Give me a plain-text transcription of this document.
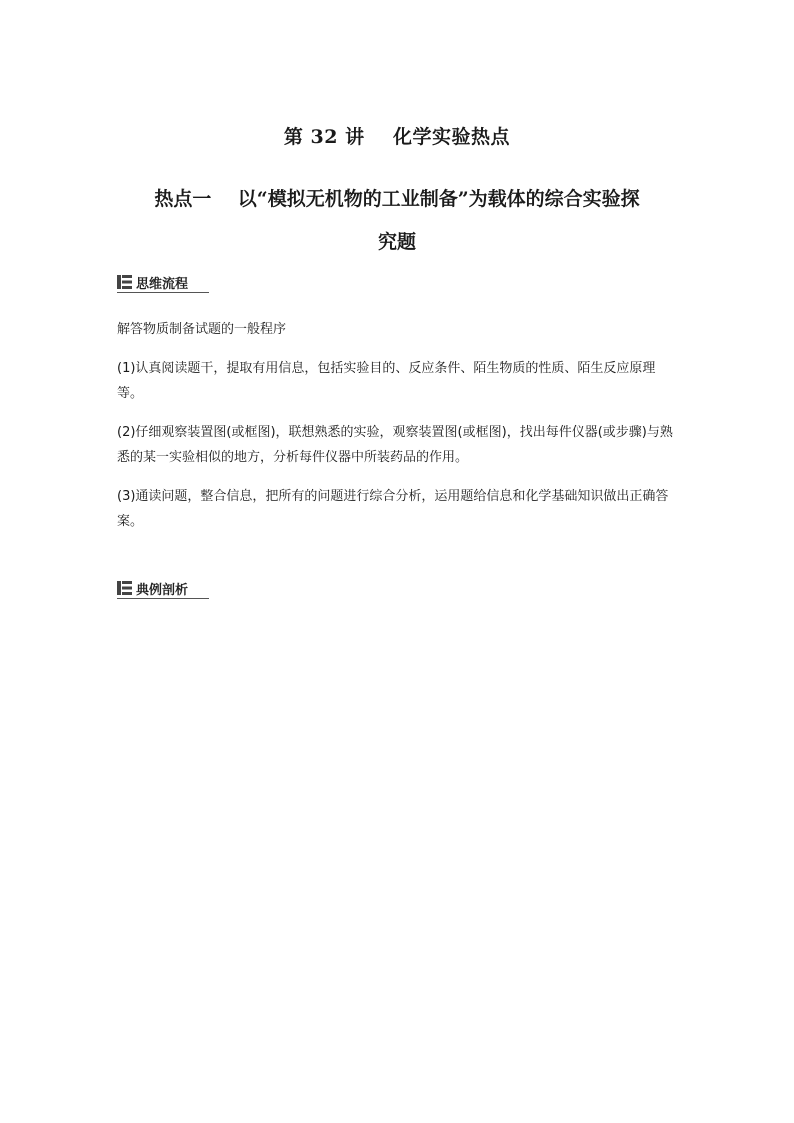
第 32 讲    化学实验热点
热点一    以“模拟无机物的工业制备”为载体的综合实验探
究题
思维流程

解答物质制备试题的一般程序

(1)认真阅读题干，提取有用信息，包括实验目的、反应条件、陌生物质的性质、陌生反应原理等。

(2)仔细观察装置图(或框图)，联想熟悉的实验，观察装置图(或框图)，找出每件仪器(或步骤)与熟悉的某一实验相似的地方，分析每件仪器中所装药品的作用。

(3)通读问题，整合信息，把所有的问题进行综合分析，运用题给信息和化学基础知识做出正确答案。

典例剖析
